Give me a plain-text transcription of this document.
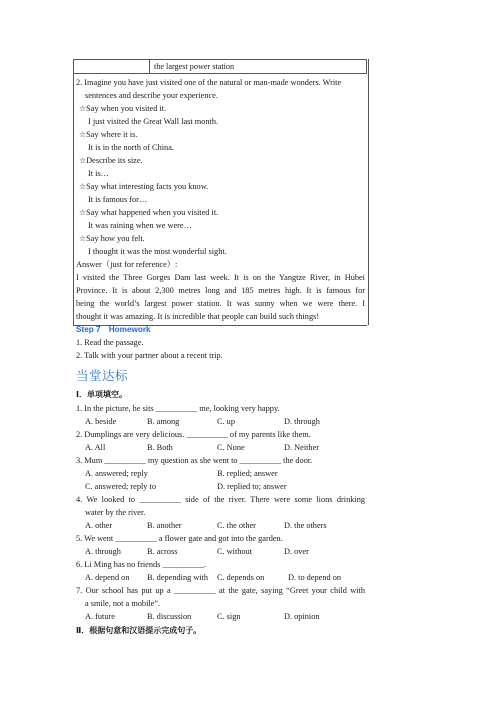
the largest power station
2. Imagine you have just visited one of the natural or man-made wonders. Write
sentences and describe your experience.
☆Say when you visited it.
I just visited the Great Wall last month.
☆Say where it is.
It is in the north of China.
☆Describe its size.
It is…
☆Say what interesting facts you know.
It is famous for…
☆Say what happened when you visited it.
It was raining when we were…
☆Say how you felt.
I thought it was the most wonderful sight.
Answer（just for reference）:
I visited the Three Gorges Dam last week. It is on the Yangtze River, in Hubei
Province. It is about 2,300 metres long and 185 metres high. It is famous for
being the world’s largest power station. It was sunny when we were there. I
thought it was amazing. It is incredible that people can build such things!
Step 7　Homework
1. Read the passage.
2. Talk with your partner about a recent trip.
当堂达标
Ⅰ．单项填空。
1. In the picture, he sits __________ me, looking very happy.
A. beside	B. among	C. up	D. through
2. Dumplings are very delicious. __________ of my parents like them.
A. All	B. Both	C. None	D. Neither
3. Mum __________ my question as she went to __________ the door.
A. answered; reply	B. replied; answer
C. answered; reply to	D. replied to; answer
4. We looked to __________ side of the river. There were some lions drinking
water by the river.
A. other	B. another	C. the other	D. the others
5. We went __________ a flower gate and got into the garden.
A. through	B. across	C. without	D. over
6. Li Ming has no friends __________.
A. depend on B. depending with C. depends on	D. to depend on
7. Our school has put up a __________ at the gate, saying “Greet your child with
a smile, not a mobile”.
A. future	B. discussion	C. sign	D. opinion
Ⅱ．根据句意和汉语提示完成句子。
